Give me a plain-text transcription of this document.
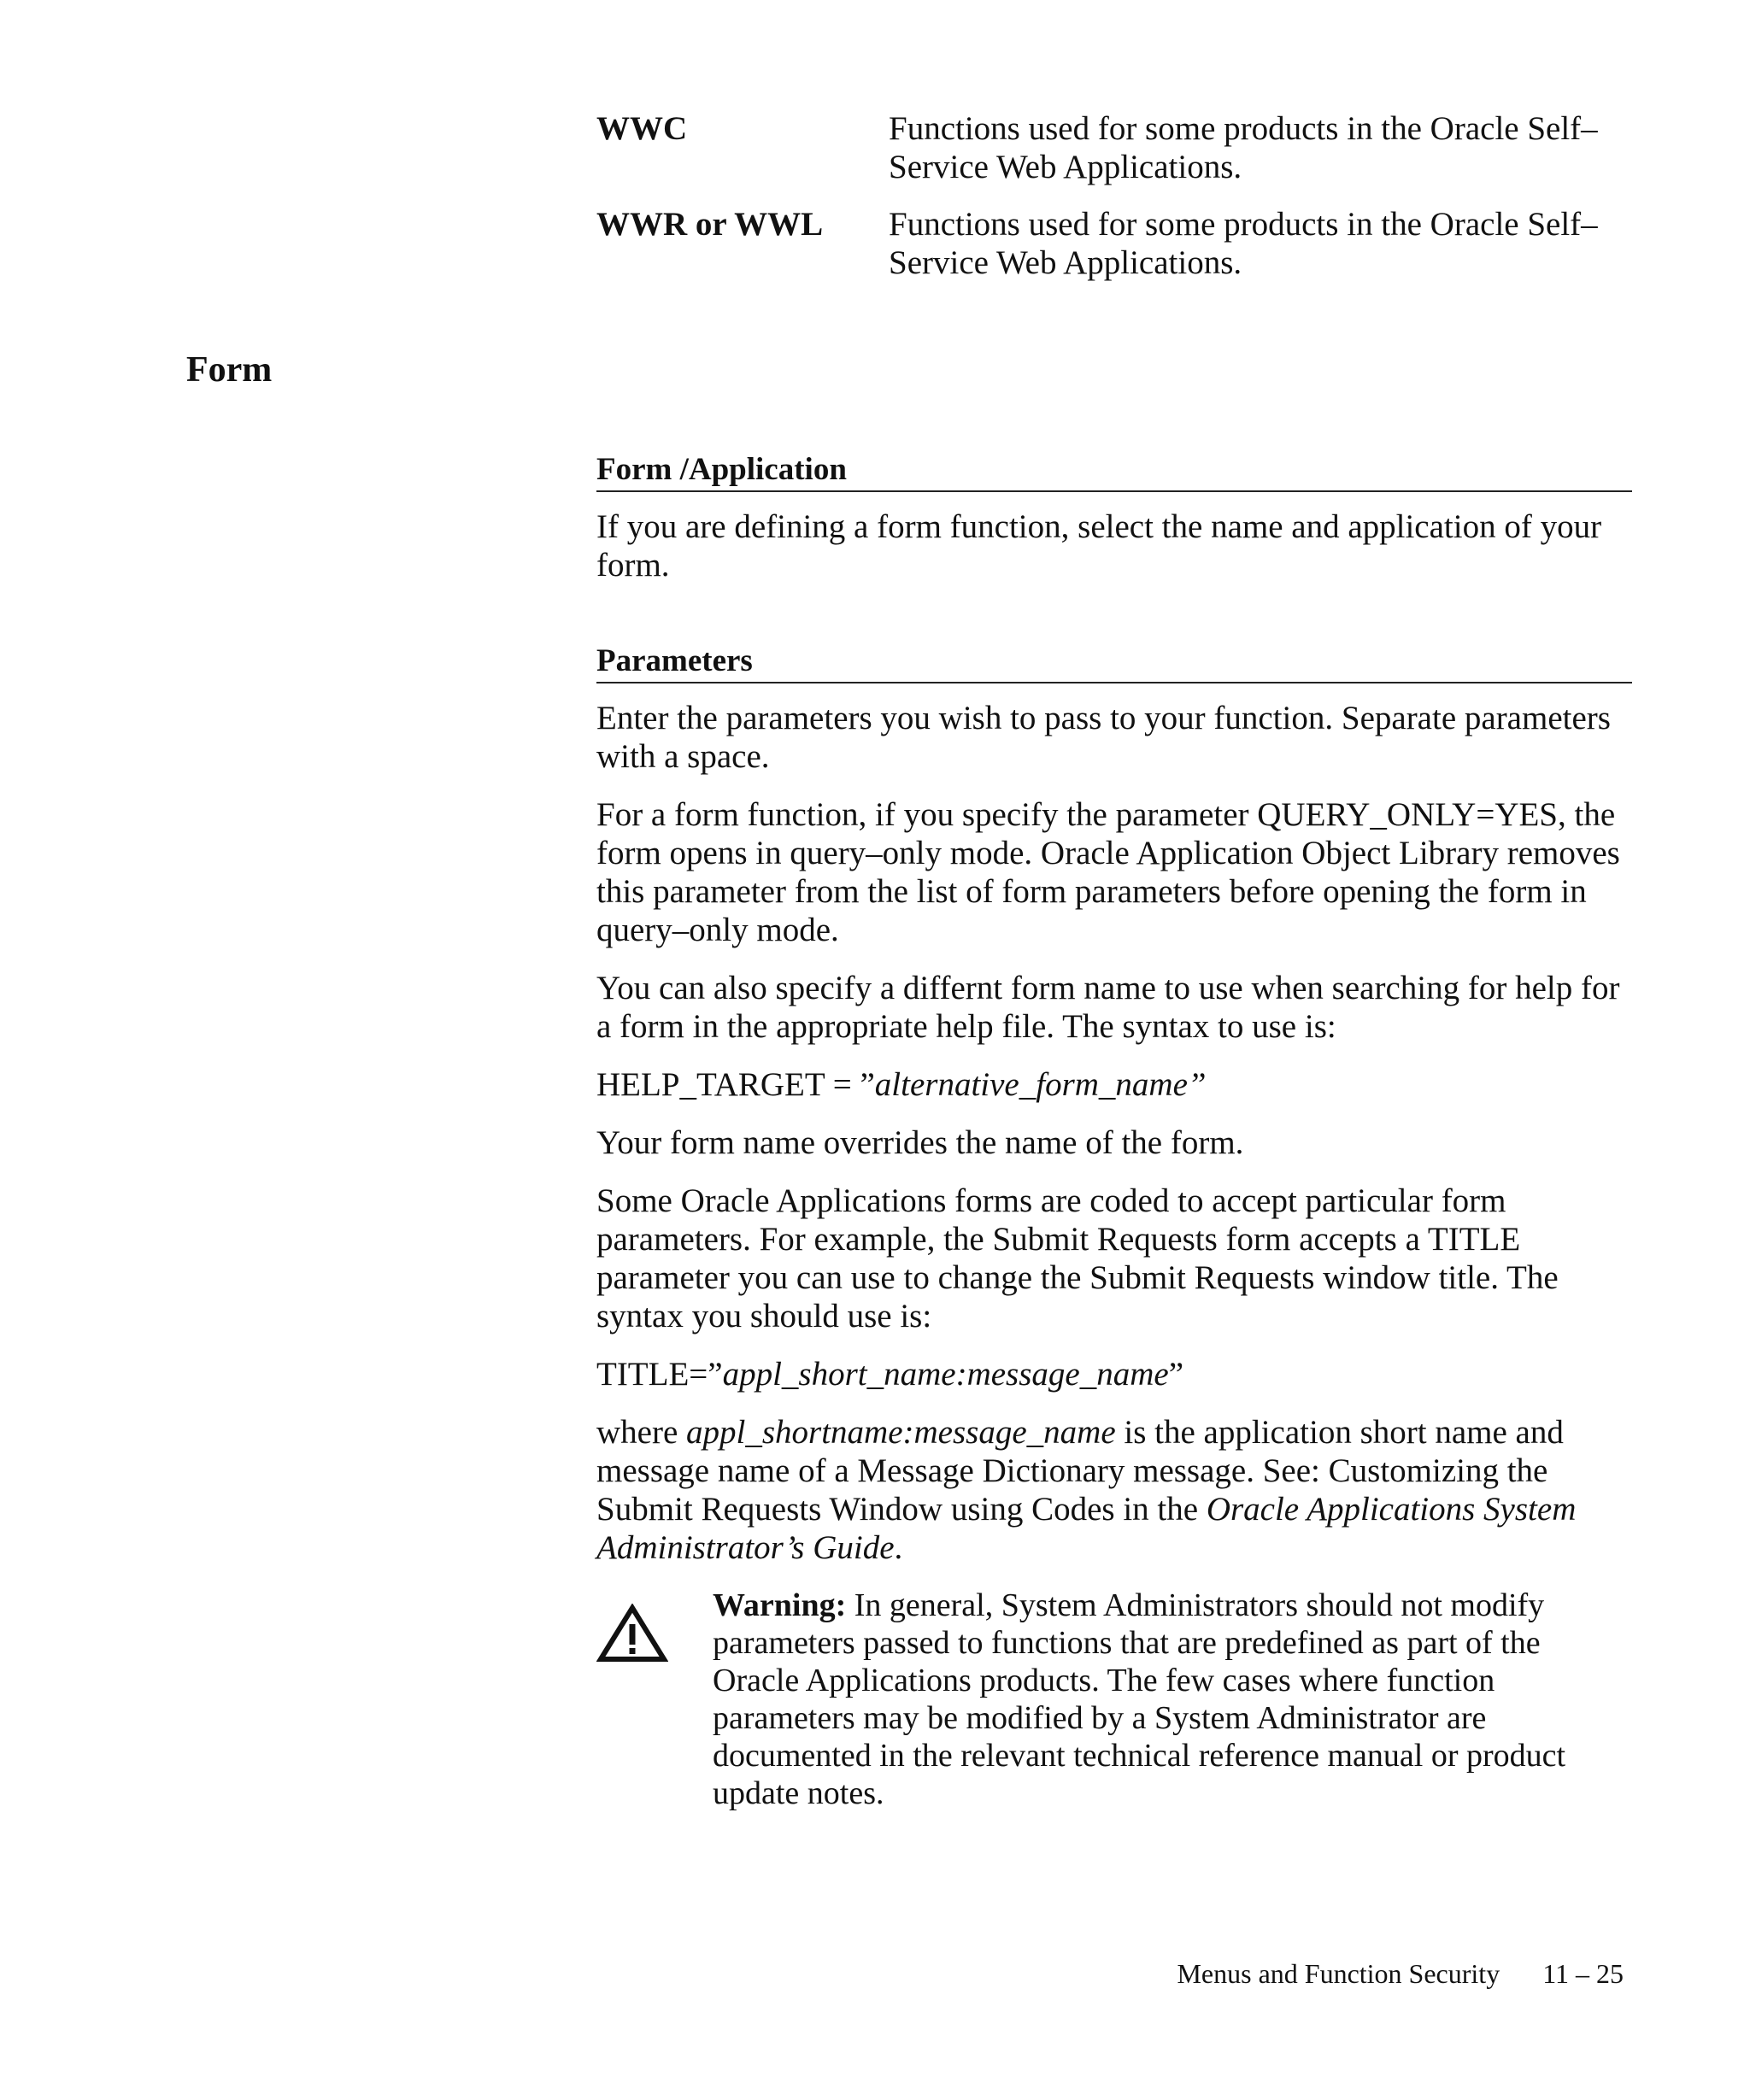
WWC	Functions used for some products in the Oracle Self–Service Web Applications.
WWR or WWL	Functions used for some products in the Oracle Self–Service Web Applications.
Form
Form /Application

If you are defining a form function, select the name and application of your form.

Parameters

Enter the parameters you wish to pass to your function. Separate parameters with a space.

For a form function, if you specify the parameter QUERY_ONLY=YES, the form opens in query–only mode. Oracle Application Object Library removes this parameter from the list of form parameters before opening the form in query–only mode.

You can also specify a differnt form name to use when searching for help for a form in the appropriate help file. The syntax to use is:

HELP_TARGET = ”alternative_form_name”

Your form name overrides the name of the form.

Some Oracle Applications forms are coded to accept particular form parameters. For example, the Submit Requests form accepts a TITLE parameter you can use to change the Submit Requests window title. The syntax you should use is:

TITLE=”appl_short_name:message_name”

where appl_shortname:message_name is the application short name and message name of a Message Dictionary message. See: Customizing the Submit Requests Window using Codes in the Oracle Applications System Administrator’s Guide.

Warning: In general, System Administrators should not modify parameters passed to functions that are predefined as part of the Oracle Applications products. The few cases where function parameters may be modified by a System Administrator are documented in the relevant technical reference manual or product update notes.
Menus and Function Security 11 – 25
